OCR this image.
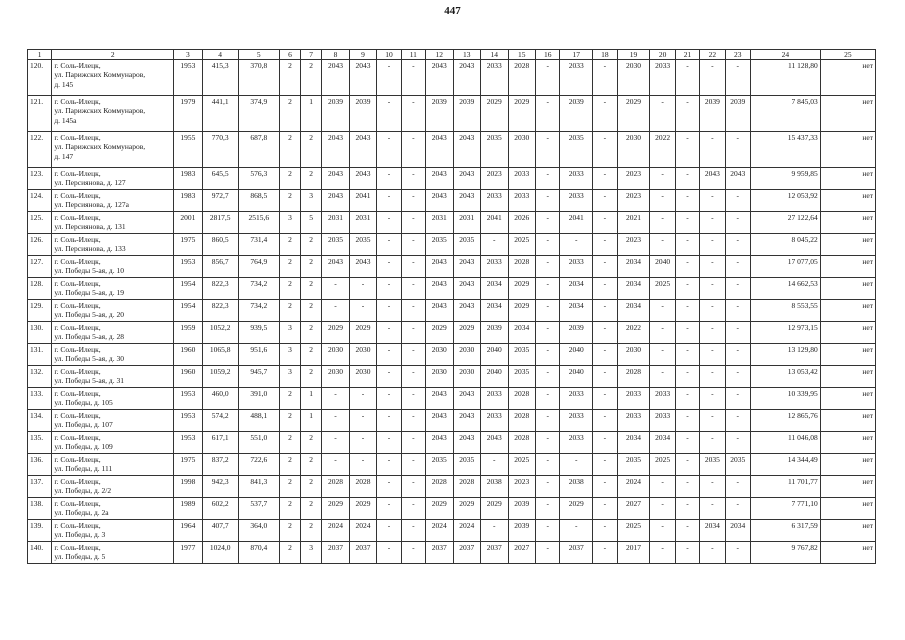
447
1	2	3	4	5	6	7	8	9	10	11	12	13	14	15	16	17	18	19	20	21	22	23	24	25
120.	г. Соль-Илецк,
ул. Парижских Коммунаров,
д. 145	1953	415,3	370,8	2	2	2043	2043	-	-	2043	2043	2033	2028	-	2033	-	2030	2033	-	-	-	11 128,80	нет
121.	г. Соль-Илецк,
ул. Парижских Коммунаров,
д. 145а	1979	441,1	374,9	2	1	2039	2039	-	-	2039	2039	2029	2029	-	2039	-	2029	-	-	2039	2039	7 845,03	нет
122.	г. Соль-Илецк,
ул. Парижских Коммунаров,
д. 147	1955	770,3	687,8	2	2	2043	2043	-	-	2043	2043	2035	2030	-	2035	-	2030	2022	-	-	-	15 437,33	нет
123.	г. Соль-Илецк,
ул. Персиянова, д. 127	1983	645,5	576,3	2	2	2043	2043	-	-	2043	2043	2023	2033	-	2033	-	2023	-	-	2043	2043	9 959,85	нет
124.	г. Соль-Илецк,
ул. Персиянова, д. 127а	1983	972,7	868,5	2	3	2043	2041	-	-	2043	2043	2033	2033	-	2033	-	2023	-	-	-	-	12 053,92	нет
125.	г. Соль-Илецк,
ул. Персиянова, д. 131	2001	2817,5	2515,6	3	5	2031	2031	-	-	2031	2031	2041	2026	-	2041	-	2021	-	-	-	-	27 122,64	нет
126.	г. Соль-Илецк,
ул. Персиянова, д. 133	1975	860,5	731,4	2	2	2035	2035	-	-	2035	2035	-	2025	-	-	-	2023	-	-	-	-	8 045,22	нет
127.	г. Соль-Илецк,
ул. Победы 5-ая, д. 10	1953	856,7	764,9	2	2	2043	2043	-	-	2043	2043	2033	2028	-	2033	-	2034	2040	-	-	-	17 077,05	нет
128.	г. Соль-Илецк,
ул. Победы 5-ая, д. 19	1954	822,3	734,2	2	2	-	-	-	-	2043	2043	2034	2029	-	2034	-	2034	2025	-	-	-	14 662,53	нет
129.	г. Соль-Илецк,
ул. Победы 5-ая, д. 20	1954	822,3	734,2	2	2	-	-	-	-	2043	2043	2034	2029	-	2034	-	2034	-	-	-	-	8 553,55	нет
130.	г. Соль-Илецк,
ул. Победы 5-ая, д. 28	1959	1052,2	939,5	3	2	2029	2029	-	-	2029	2029	2039	2034	-	2039	-	2022	-	-	-	-	12 973,15	нет
131.	г. Соль-Илецк,
ул. Победы 5-ая, д. 30	1960	1065,8	951,6	3	2	2030	2030	-	-	2030	2030	2040	2035	-	2040	-	2030	-	-	-	-	13 129,80	нет
132.	г. Соль-Илецк,
ул. Победы 5-ая, д. 31	1960	1059,2	945,7	3	2	2030	2030	-	-	2030	2030	2040	2035	-	2040	-	2028	-	-	-	-	13 053,42	нет
133.	г. Соль-Илецк,
ул. Победы, д. 105	1953	460,0	391,0	2	1	-	-	-	-	2043	2043	2033	2028	-	2033	-	2033	2033	-	-	-	10 339,95	нет
134.	г. Соль-Илецк,
ул. Победы, д. 107	1953	574,2	488,1	2	1	-	-	-	-	2043	2043	2033	2028	-	2033	-	2033	2033	-	-	-	12 865,76	нет
135.	г. Соль-Илецк,
ул. Победы, д. 109	1953	617,1	551,0	2	2	-	-	-	-	2043	2043	2043	2028	-	2033	-	2034	2034	-	-	-	11 046,08	нет
136.	г. Соль-Илецк,
ул. Победы, д. 111	1975	837,2	722,6	2	2	-	-	-	-	2035	2035	-	2025	-	-	-	2035	2025	-	2035	2035	14 344,49	нет
137.	г. Соль-Илецк,
ул. Победы, д. 2/2	1998	942,3	841,3	2	2	2028	2028	-	-	2028	2028	2038	2023	-	2038	-	2024	-	-	-	-	11 701,77	нет
138.	г. Соль-Илецк,
ул. Победы, д. 2а	1989	602,2	537,7	2	2	2029	2029	-	-	2029	2029	2029	2039	-	2029	-	2027	-	-	-	-	7 771,10	нет
139.	г. Соль-Илецк,
ул. Победы, д. 3	1964	407,7	364,0	2	2	2024	2024	-	-	2024	2024	-	2039	-	-	-	2025	-	-	2034	2034	6 317,59	нет
140.	г. Соль-Илецк,
ул. Победы, д. 5	1977	1024,0	870,4	2	3	2037	2037	-	-	2037	2037	2037	2027	-	2037	-	2017	-	-	-	-	9 767,82	нет
